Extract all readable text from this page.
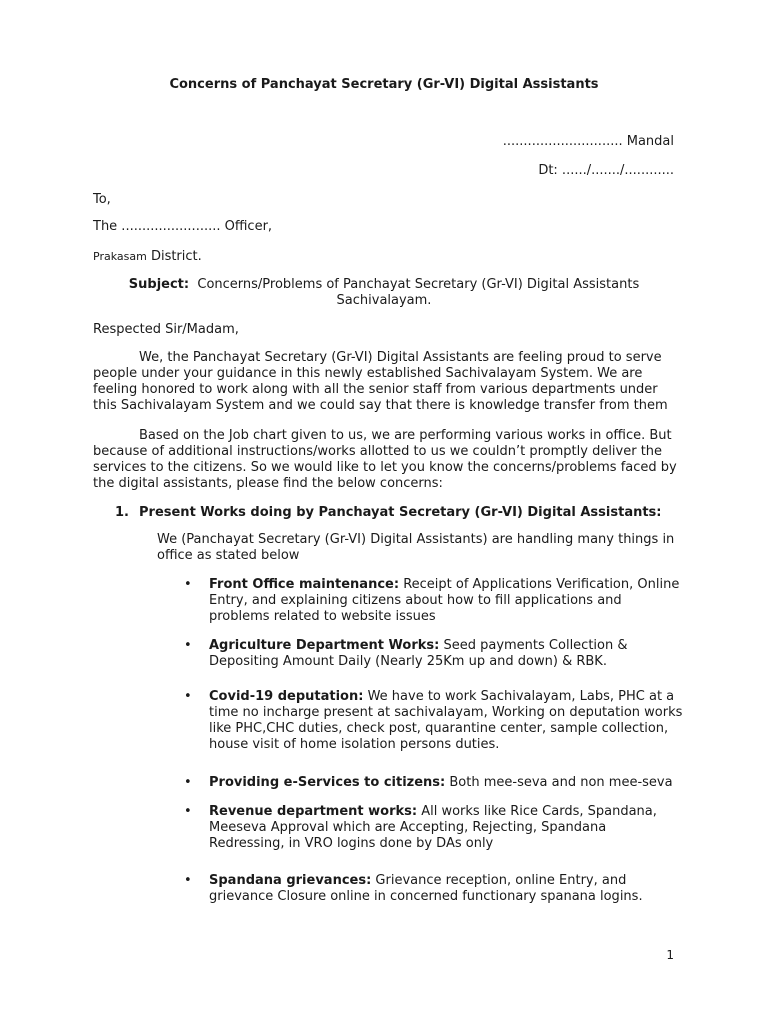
Concerns of Panchayat Secretary (Gr-VI) Digital Assistants
............................. Mandal
Dt: ....../......./............
To,
The ........................ Officer,
Prakasam District.
Subject: Concerns/Problems of Panchayat Secretary (Gr-VI) Digital Assistants
Sachivalayam.
Respected Sir/Madam,
We, the Panchayat Secretary (Gr-VI) Digital Assistants are feeling proud to serve people under your guidance in this newly established Sachivalayam System. We are feeling honored to work along with all the senior staff from various departments under this Sachivalayam System and we could say that there is knowledge transfer from them
Based on the Job chart given to us, we are performing various works in office. But because of additional instructions/works allotted to us we couldn’t promptly deliver the services to the citizens. So we would like to let you know the concerns/problems faced by the digital assistants, please find the below concerns:
1. Present Works doing by Panchayat Secretary (Gr-VI) Digital Assistants:
We (Panchayat Secretary (Gr-VI) Digital Assistants) are handling many things in office as stated below
• Front Office maintenance: Receipt of Applications Verification, Online Entry, and explaining citizens about how to fill applications and problems related to website issues
• Agriculture Department Works: Seed payments Collection & Depositing Amount Daily (Nearly 25Km up and down) & RBK.
• Covid-19 deputation: We have to work Sachivalayam, Labs, PHC at a time no incharge present at sachivalayam, Working on deputation works like PHC,CHC duties, check post, quarantine center, sample collection, house visit of home isolation persons duties.
• Providing e-Services to citizens: Both mee-seva and non mee-seva
• Revenue department works: All works like Rice Cards, Spandana, Meeseva Approval which are Accepting, Rejecting, Spandana Redressing, in VRO logins done by DAs only
• Spandana grievances: Grievance reception, online Entry, and grievance Closure online in concerned functionary spanana logins.
1
